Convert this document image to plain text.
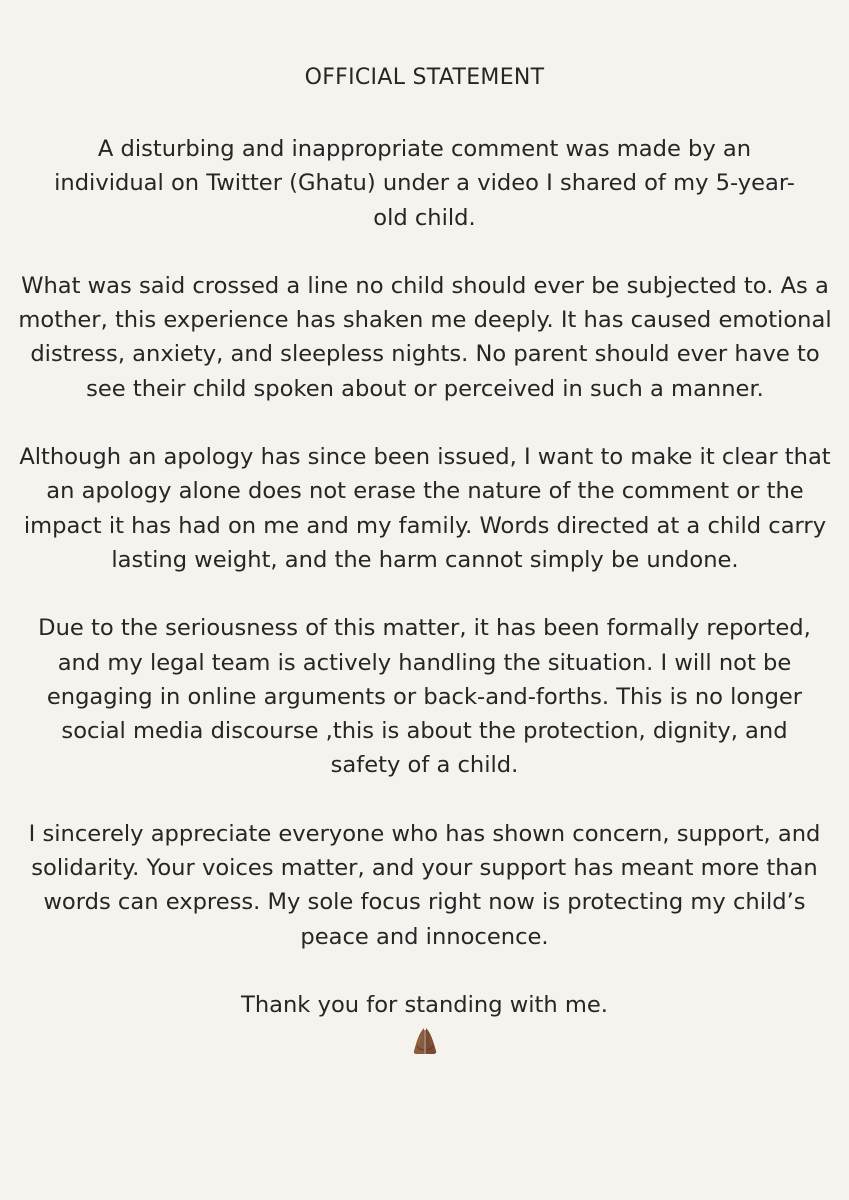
OFFICIAL STATEMENT

A disturbing and inappropriate comment was made by an individual on Twitter (Ghatu) under a video I shared of my 5-year-old child.

What was said crossed a line no child should ever be subjected to. As a mother, this experience has shaken me deeply. It has caused emotional distress, anxiety, and sleepless nights. No parent should ever have to see their child spoken about or perceived in such a manner.

Although an apology has since been issued, I want to make it clear that an apology alone does not erase the nature of the comment or the impact it has had on me and my family. Words directed at a child carry lasting weight, and the harm cannot simply be undone.

Due to the seriousness of this matter, it has been formally reported, and my legal team is actively handling the situation. I will not be engaging in online arguments or back-and-forths. This is no longer social media discourse ,this is about the protection, dignity, and safety of a child.

I sincerely appreciate everyone who has shown concern, support, and solidarity. Your voices matter, and your support has meant more than words can express. My sole focus right now is protecting my child’s peace and innocence.

Thank you for standing with me.
